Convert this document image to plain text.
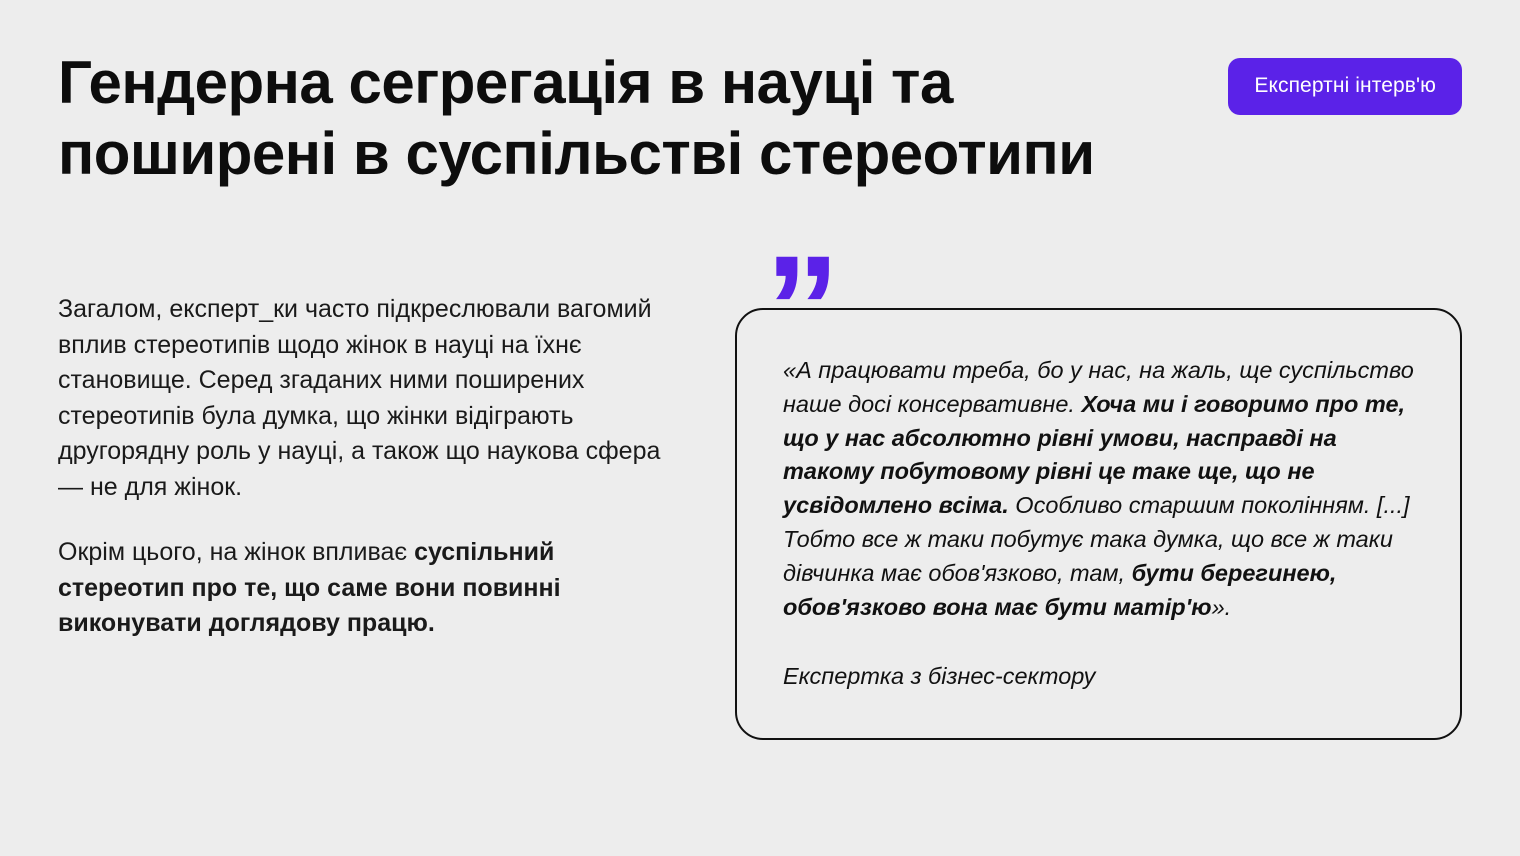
Гендерна сегрегація в науці та поширені в суспільстві стереотипи
Експертні інтерв'ю

Загалом, експерт_ки часто підкреслювали вагомий вплив стереотипів щодо жінок в науці на їхнє становище. Серед згаданих ними поширених стереотипів була думка, що жінки відіграють другорядну роль у науці, а також що наукова сфера — не для жінок.

Окрім цього, на жінок впливає суспільний стереотип про те, що саме вони повинні виконувати доглядову працю.

”

«А працювати треба, бо у нас, на жаль, ще суспільство наше досі консервативне. Хоча ми і говоримо про те, що у нас абсолютно рівні умови, насправді на такому побутовому рівні це таке ще, що не усвідомлено всіма. Особливо старшим поколінням. [...] Тобто все ж таки побутує така думка, що все ж таки дівчинка має обов'язково, там, бути берегинею, обов'язково вона має бути матір'ю».

Експертка з бізнес-сектору
